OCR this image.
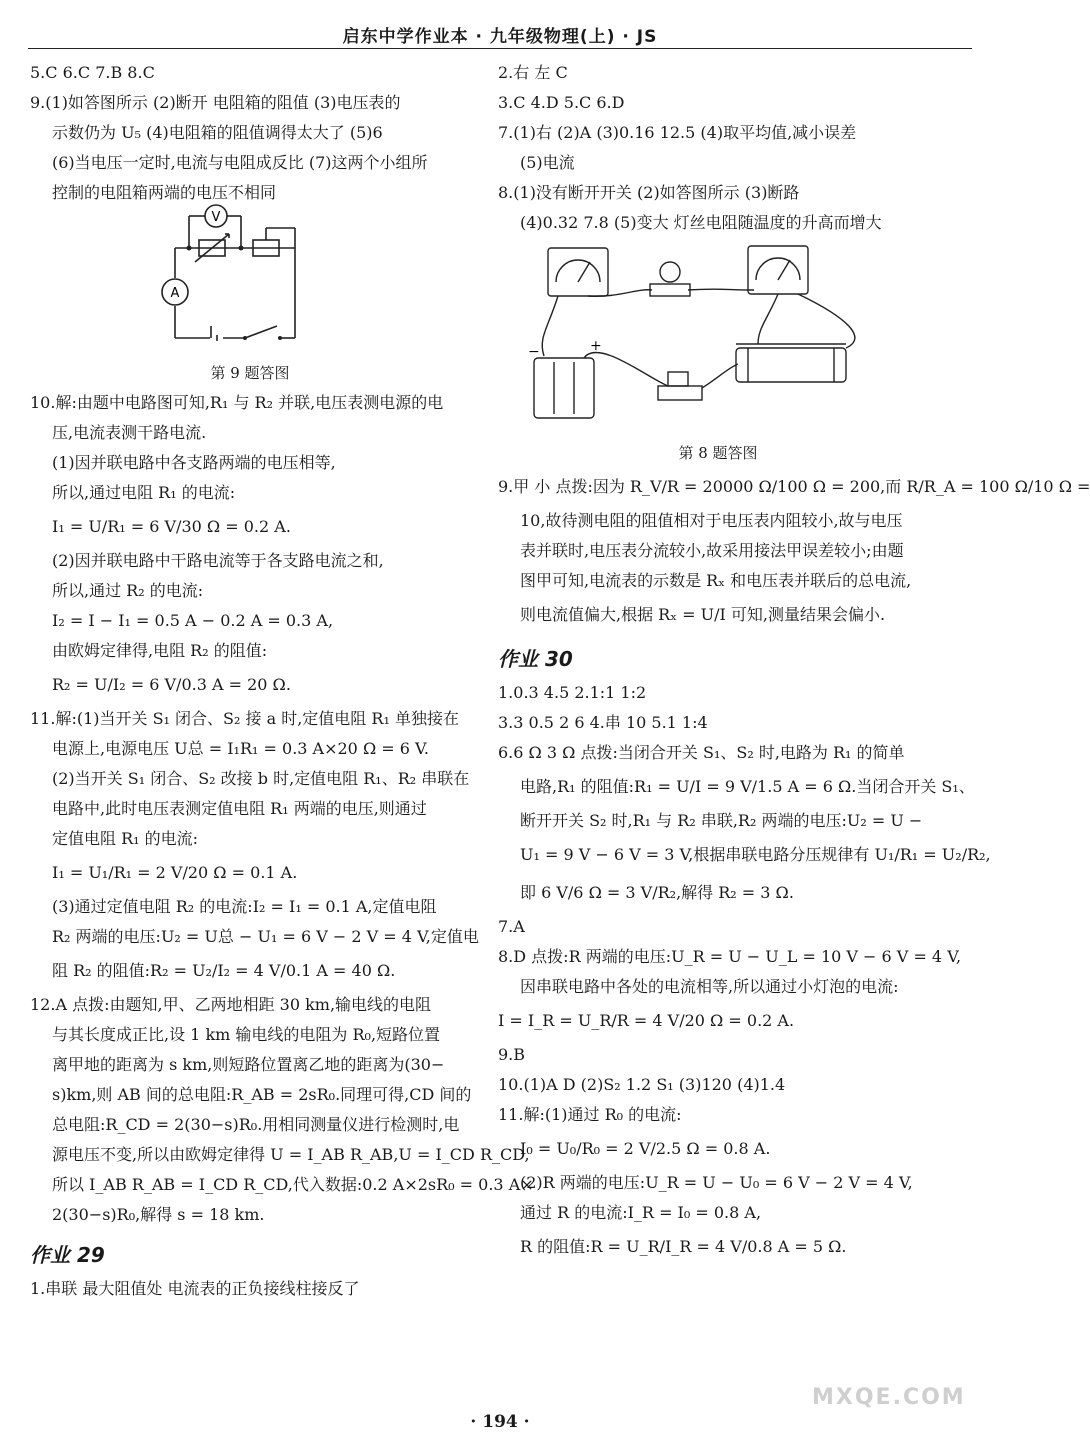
启东中学作业本 · 九年级物理(上) · JS
5.C 6.C 7.B 8.C
9.(1)如答图所示 (2)断开 电阻箱的阻值 (3)电压表的
示数仍为 U₅ (4)电阻箱的阻值调得太大了 (5)6
(6)当电压一定时,电流与电阻成反比 (7)这两个小组所
控制的电阻箱两端的电压不相同
V
A
第 9 题答图
10.解:由题中电路图可知,R₁ 与 R₂ 并联,电压表测电源的电
压,电流表测干路电流.
(1)因并联电路中各支路两端的电压相等,
所以,通过电阻 R₁ 的电流:
I₁ = U/R₁ = 6 V/30 Ω = 0.2 A.
(2)因并联电路中干路电流等于各支路电流之和,
所以,通过 R₂ 的电流:
I₂ = I − I₁ = 0.5 A − 0.2 A = 0.3 A,
由欧姆定律得,电阻 R₂ 的阻值:
R₂ = U/I₂ = 6 V/0.3 A = 20 Ω.
11.解:(1)当开关 S₁ 闭合、S₂ 接 a 时,定值电阻 R₁ 单独接在
电源上,电源电压 U总 = I₁R₁ = 0.3 A×20 Ω = 6 V.
(2)当开关 S₁ 闭合、S₂ 改接 b 时,定值电阻 R₁、R₂ 串联在
电路中,此时电压表测定值电阻 R₁ 两端的电压,则通过
定值电阻 R₁ 的电流:
I₁ = U₁/R₁ = 2 V/20 Ω = 0.1 A.
(3)通过定值电阻 R₂ 的电流:I₂ = I₁ = 0.1 A,定值电阻
R₂ 两端的电压:U₂ = U总 − U₁ = 6 V − 2 V = 4 V,定值电
阻 R₂ 的阻值:R₂ = U₂/I₂ = 4 V/0.1 A = 40 Ω.
12.A 点拨:由题知,甲、乙两地相距 30 km,输电线的电阻
与其长度成正比,设 1 km 输电线的电阻为 R₀,短路位置
离甲地的距离为 s km,则短路位置离乙地的距离为(30−
s)km,则 AB 间的总电阻:R_AB = 2sR₀.同理可得,CD 间的
总电阻:R_CD = 2(30−s)R₀.用相同测量仪进行检测时,电
源电压不变,所以由欧姆定律得 U = I_AB R_AB,U = I_CD R_CD,
所以 I_AB R_AB = I_CD R_CD,代入数据:0.2 A×2sR₀ = 0.3 A×
2(30−s)R₀,解得 s = 18 km.
作业 29
1.串联 最大阻值处 电流表的正负接线柱接反了
2.右 左 C
3.C 4.D 5.C 6.D
7.(1)右 (2)A (3)0.16 12.5 (4)取平均值,减小误差
(5)电流
8.(1)没有断开开关 (2)如答图所示 (3)断路
(4)0.32 7.8 (5)变大 灯丝电阻随温度的升高而增大
−	+
第 8 题答图
9.甲 小 点拨:因为 R_V/R = 20000 Ω/100 Ω = 200,而 R/R_A = 100 Ω/10 Ω =
10,故待测电阻的阻值相对于电压表内阻较小,故与电压
表并联时,电压表分流较小,故采用接法甲误差较小;由题
图甲可知,电流表的示数是 Rₓ 和电压表并联后的总电流,
则电流值偏大,根据 Rₓ = U/I 可知,测量结果会偏小.
作业 30
1.0.3 4.5 2.1:1 1:2
3.3 0.5 2 6 4.串 10 5.1 1:4
6.6 Ω 3 Ω 点拨:当闭合开关 S₁、S₂ 时,电路为 R₁ 的简单
电路,R₁ 的阻值:R₁ = U/I = 9 V/1.5 A = 6 Ω.当闭合开关 S₁、
断开开关 S₂ 时,R₁ 与 R₂ 串联,R₂ 两端的电压:U₂ = U −
U₁ = 9 V − 6 V = 3 V,根据串联电路分压规律有 U₁/R₁ = U₂/R₂,
即 6 V/6 Ω = 3 V/R₂,解得 R₂ = 3 Ω.
7.A
8.D 点拨:R 两端的电压:U_R = U − U_L = 10 V − 6 V = 4 V,
因串联电路中各处的电流相等,所以通过小灯泡的电流:
I = I_R = U_R/R = 4 V/20 Ω = 0.2 A.
9.B
10.(1)A D (2)S₂ 1.2 S₁ (3)120 (4)1.4
11.解:(1)通过 R₀ 的电流:
I₀ = U₀/R₀ = 2 V/2.5 Ω = 0.8 A.
(2)R 两端的电压:U_R = U − U₀ = 6 V − 2 V = 4 V,
通过 R 的电流:I_R = I₀ = 0.8 A,
R 的阻值:R = U_R/I_R = 4 V/0.8 A = 5 Ω.
· 194 ·
MXQE.COM
